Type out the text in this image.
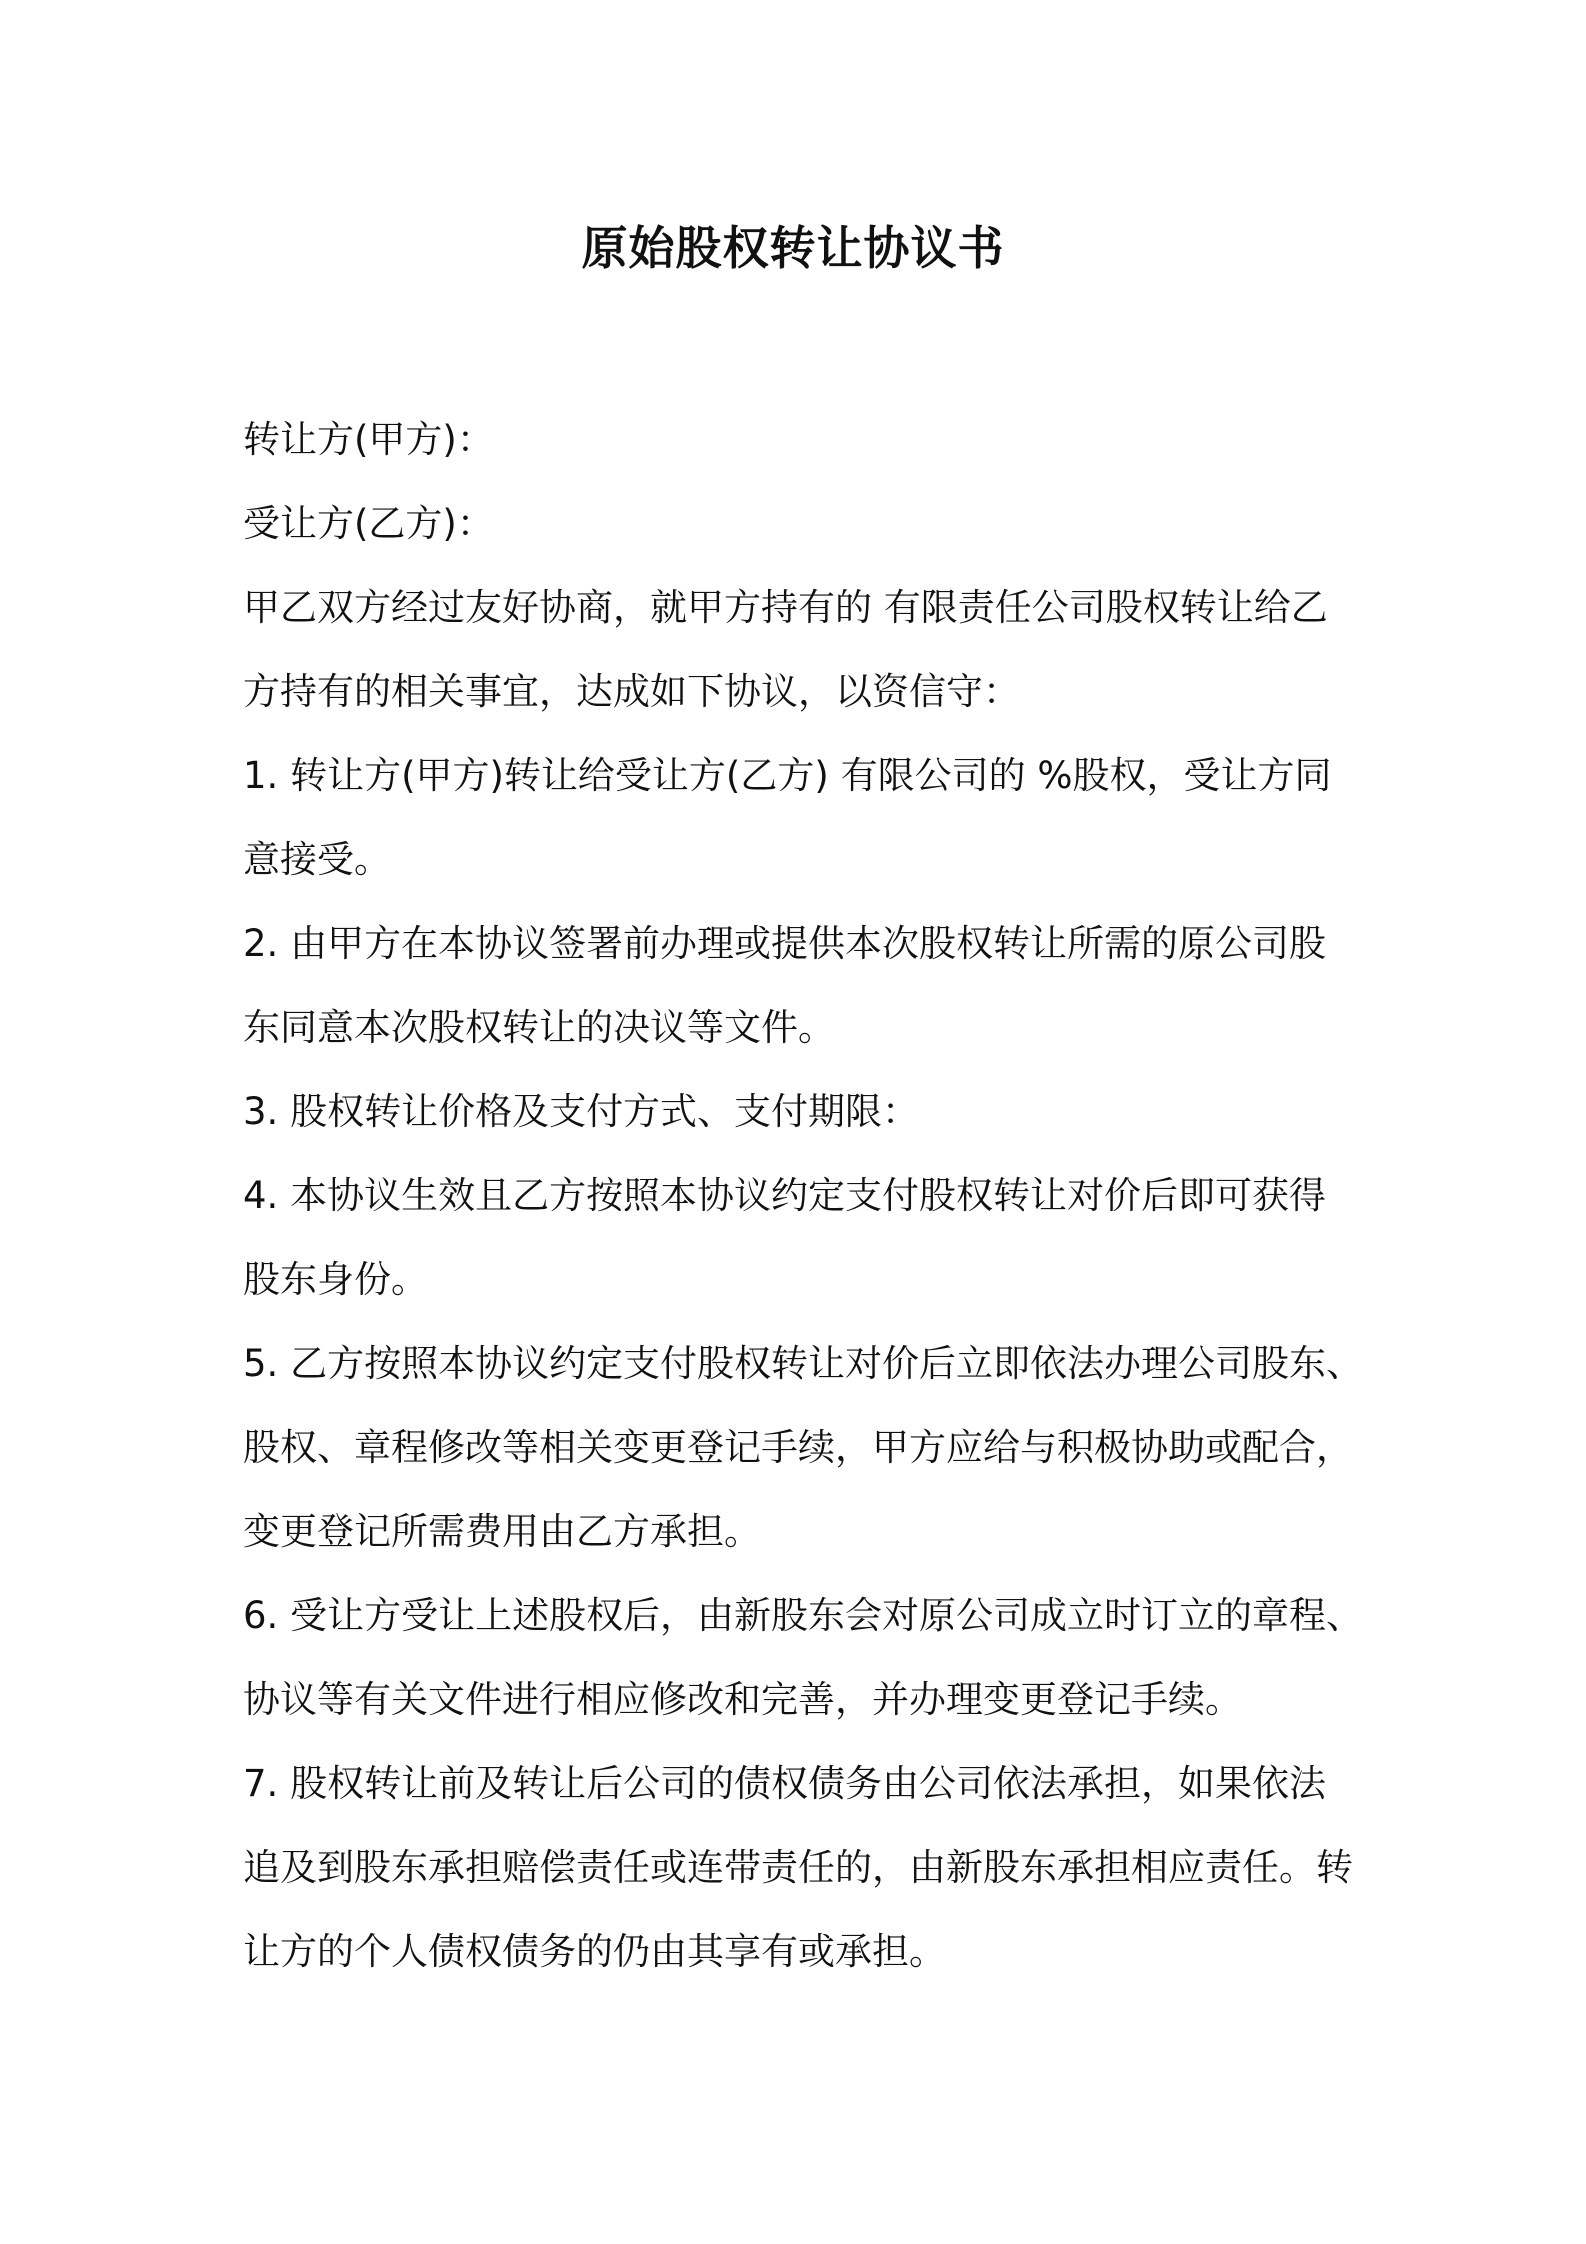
原始股权转让协议书

转让方(甲方)：

受让方(乙方)：

甲乙双方经过友好协商，就甲方持有的 有限责任公司股权转让给乙

方持有的相关事宜，达成如下协议，以资信守：

1. 转让方(甲方)转让给受让方(乙方) 有限公司的 %股权，受让方同

意接受。

2. 由甲方在本协议签署前办理或提供本次股权转让所需的原公司股

东同意本次股权转让的决议等文件。

3. 股权转让价格及支付方式、支付期限：

4. 本协议生效且乙方按照本协议约定支付股权转让对价后即可获得

股东身份。

5. 乙方按照本协议约定支付股权转让对价后立即依法办理公司股东、

股权、章程修改等相关变更登记手续，甲方应给与积极协助或配合，

变更登记所需费用由乙方承担。

6. 受让方受让上述股权后，由新股东会对原公司成立时订立的章程、

协议等有关文件进行相应修改和完善，并办理变更登记手续。

7. 股权转让前及转让后公司的债权债务由公司依法承担，如果依法

追及到股东承担赔偿责任或连带责任的，由新股东承担相应责任。转

让方的个人债权债务的仍由其享有或承担。
